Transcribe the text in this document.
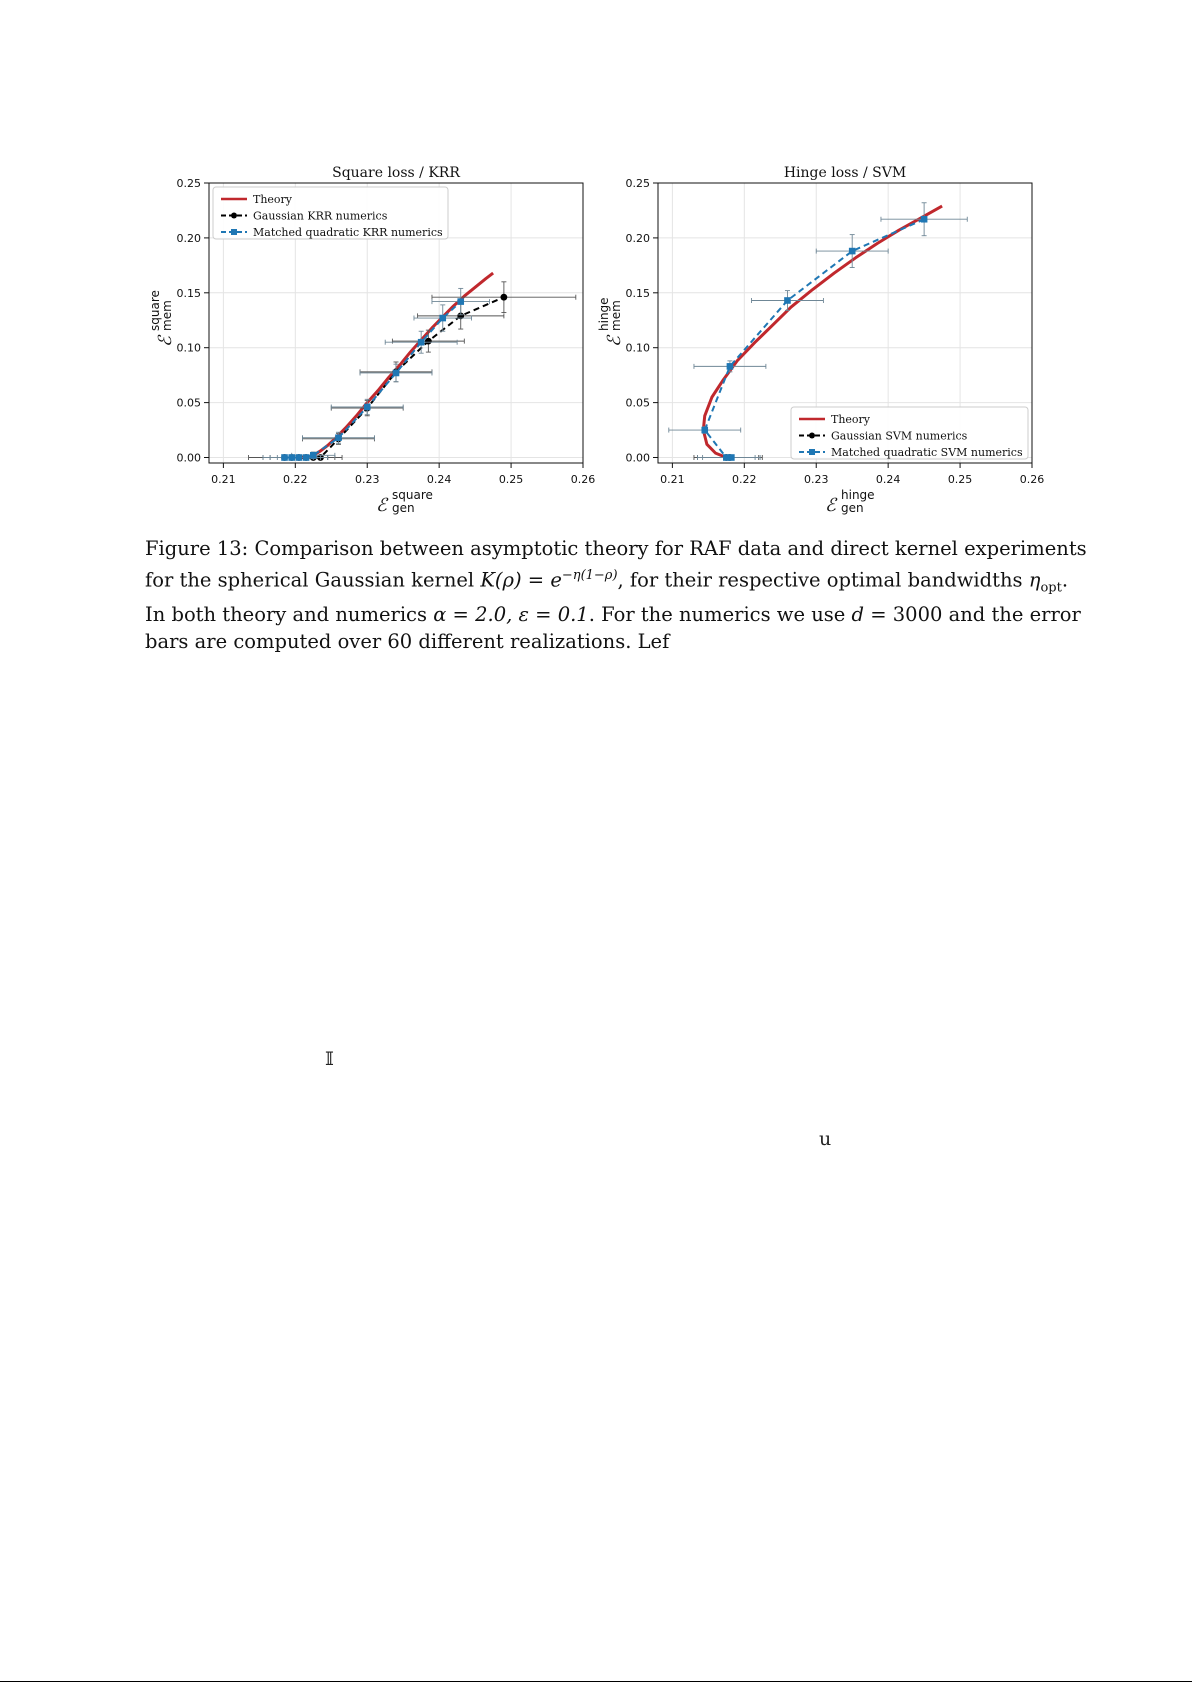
0.21	0.22	0.23	0.24	0.25	0.26
0.00
0.05
0.10
0.15
0.20
0.25
Square loss / KRR
ℰ square
gen
ℰ
square
mem
Theory
Gaussian KRR numerics
Matched quadratic KRR numerics
0.21	0.22	0.23	0.24	0.25	0.26
0.00
0.05
0.10
0.15
0.20
0.25
Hinge loss / SVM
ℰ hinge
gen
ℰ
hinge
mem
Theory
Gaussian SVM numerics
Matched quadratic SVM numerics
Figure 13: Comparison between asymptotic theory for RAF data and direct kernel experiments
for the spherical Gaussian kernel $K(\rho) = e^{-\eta(1-\rho)}$, for their respective optimal bandwidths $\eta_{opt}$.
In both theory and numerics α = 2.0, ε = 0.1. For the numerics we use d = 3000 and the error
bars are computed over 60 different realizations. Lef
𝕀
u
